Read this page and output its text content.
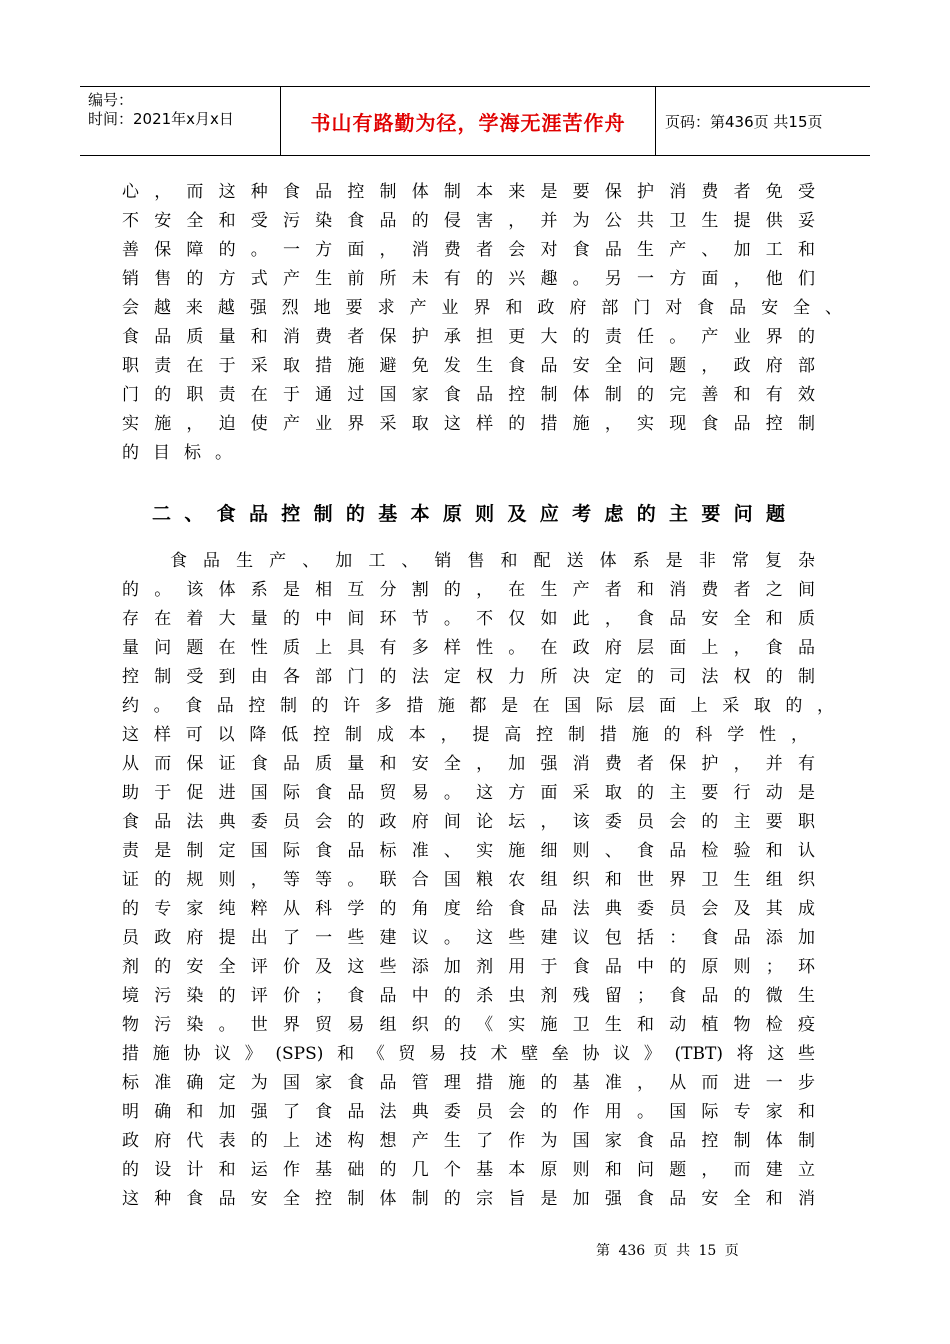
编号：
时间：2021年x月x日	书山有路勤为径，学海无涯苦作舟	页码：第436页 共15页
心，而这种食品控制体制本来是要保护消费者免受
不安全和受污染食品的侵害，并为公共卫生提供妥
善保障的。一方面，消费者会对食品生产、加工和
销售的方式产生前所未有的兴趣。另一方面，他们
会越来越强烈地要求产业界和政府部门对食品安全、
食品质量和消费者保护承担更大的责任。产业界的
职责在于采取措施避免发生食品安全问题，政府部
门的职责在于通过国家食品控制体制的完善和有效
实施，迫使产业界采取这样的措施，实现食品控制
的目标。
二、食品控制的基本原则及应考虑的主要问题
食品生产、加工、销售和配送体系是非常复杂
的。该体系是相互分割的，在生产者和消费者之间
存在着大量的中间环节。不仅如此，食品安全和质
量问题在性质上具有多样性。在政府层面上，食品
控制受到由各部门的法定权力所决定的司法权的制
约。食品控制的许多措施都是在国际层面上采取的，
这样可以降低控制成本，提高控制措施的科学性，
从而保证食品质量和安全，加强消费者保护，并有
助于促进国际食品贸易。这方面采取的主要行动是
食品法典委员会的政府间论坛，该委员会的主要职
责是制定国际食品标准、实施细则、食品检验和认
证的规则，等等。联合国粮农组织和世界卫生组织
的专家纯粹从科学的角度给食品法典委员会及其成
员政府提出了一些建议。这些建议包括：食品添加
剂的安全评价及这些添加剂用于食品中的原则；环
境污染的评价；食品中的杀虫剂残留；食品的微生
物污染。世界贸易组织的《实施卫生和动植物检疫
措施协议》(SPS)和《贸易技术壁垒协议》(TBT)将这些
标准确定为国家食品管理措施的基准，从而进一步
明确和加强了食品法典委员会的作用。国际专家和
政府代表的上述构想产生了作为国家食品控制体制
的设计和运作基础的几个基本原则和问题，而建立
这种食品安全控制体制的宗旨是加强食品安全和消
第 436 页 共 15 页
